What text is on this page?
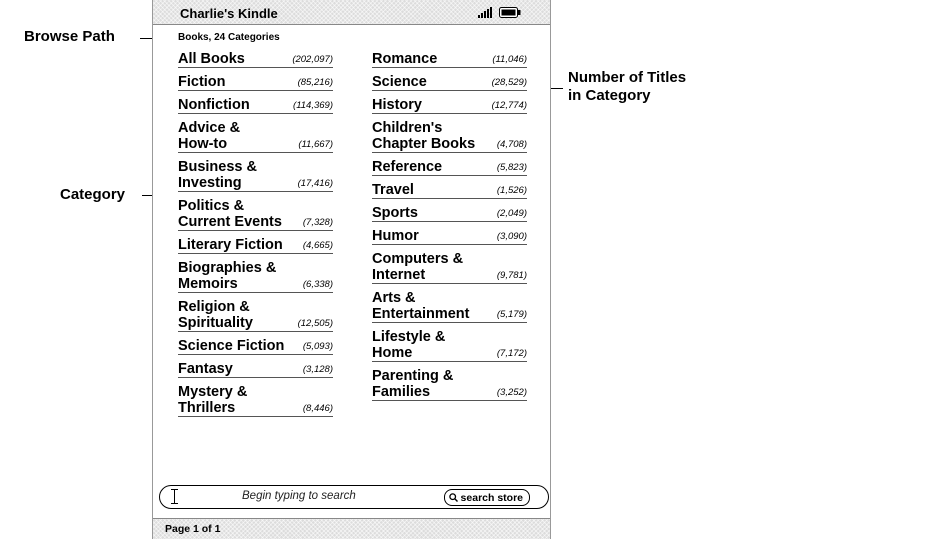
Browse Path
Category
Number of Titles
in Category
Charlie's Kindle
Books, 24 Categories
All Books	(202,097)
Fiction	(85,216)
Nonfiction	(114,369)
Advice &
How-to	(11,667)
Business &
Investing	(17,416)
Politics &
Current Events	(7,328)
Literary Fiction	(4,665)
Biographies &
Memoirs	(6,338)
Religion &
Spirituality	(12,505)
Science Fiction	(5,093)
Fantasy	(3,128)
Mystery &
Thrillers	(8,446)
Romance	(11,046)
Science	(28,529)
History	(12,774)
Children's
Chapter Books	(4,708)
Reference	(5,823)
Travel	(1,526)
Sports	(2,049)
Humor	(3,090)
Computers &
Internet	(9,781)
Arts &
Entertainment	(5,179)
Lifestyle &
Home	(7,172)
Parenting &
Families	(3,252)
Begin typing to search	search store
Page 1 of 1
